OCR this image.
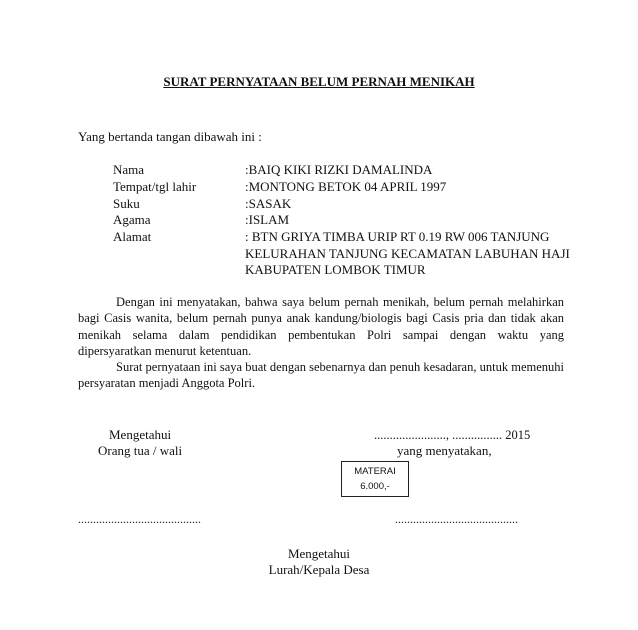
SURAT PERNYATAAN BELUM PERNAH MENIKAH
Yang bertanda tangan dibawah ini :
Nama	:BAIQ KIKI RIZKI DAMALINDA
Tempat/tgl lahir	:MONTONG BETOK 04 APRIL 1997
Suku	:SASAK
Agama	:ISLAM
Alamat	: BTN GRIYA TIMBA URIP RT 0.19 RW 006 TANJUNG
KELURAHAN TANJUNG KECAMATAN LABUHAN HAJI
KABUPATEN LOMBOK TIMUR
Dengan ini menyatakan, bahwa saya belum pernah menikah, belum pernah melahirkan bagi Casis wanita, belum pernah punya anak kandung/biologis bagi Casis pria dan tidak akan menikah selama dalam pendidikan pembentukan Polri sampai dengan waktu yang dipersyaratkan menurut ketentuan.
Surat pernyataan ini saya buat dengan sebenarnya dan penuh kesadaran, untuk memenuhi persyaratan menjadi Anggota Polri.
Mengetahui
Orang tua / wali
.........................................
......................., ................ 2015
yang menyatakan,
.........................................
MATERAI
6.000,-
Mengetahui
Lurah/Kepala Desa
